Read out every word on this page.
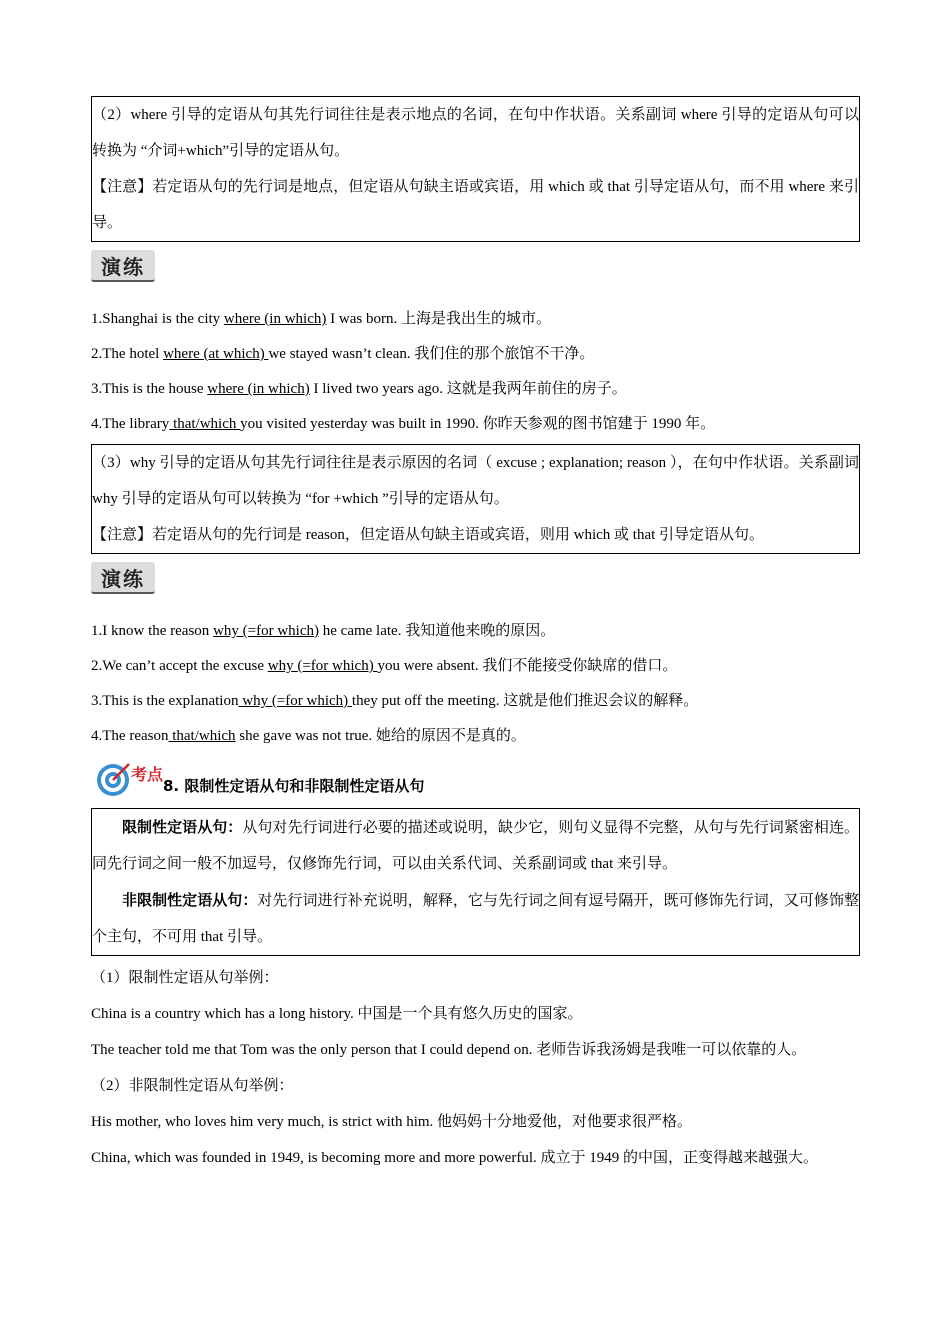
（2）where 引导的定语从句其先行词往往是表示地点的名词，在句中作状语。关系副词 where 引导的定语从句可以转换为 “介词+which”引导的定语从句。

【注意】若定语从句的先行词是地点，但定语从句缺主语或宾语，用 which 或 that 引导定语从句，而不用 where 来引导。

演练

1.Shanghai is the city where (in which) I was born. 上海是我出生的城市。

2.The hotel where (at which) we stayed wasn’t clean. 我们住的那个旅馆不干净。

3.This is the house where (in which) I lived two years ago. 这就是我两年前住的房子。

4.The library that/which you visited yesterday was built in 1990. 你昨天参观的图书馆建于 1990 年。

（3）why 引导的定语从句其先行词往往是表示原因的名词（ excuse ; explanation; reason ），在句中作状语。关系副词 why 引导的定语从句可以转换为 “for +which ”引导的定语从句。

【注意】若定语从句的先行词是 reason，但定语从句缺主语或宾语，则用 which 或 that 引导定语从句。

演练

1.I know the reason why (=for which) he came late. 我知道他来晚的原因。

2.We can’t accept the excuse why (=for which) you were absent. 我们不能接受你缺席的借口。

3.This is the explanation why (=for which) they put off the meeting. 这就是他们推迟会议的解释。

4.The reason that/which she gave was not true. 她给的原因不是真的。

考点
8. 限制性定语从句和非限制性定语从句

限制性定语从句：从句对先行词进行必要的描述或说明，缺少它，则句义显得不完整，从句与先行词紧密相连。同先行词之间一般不加逗号，仅修饰先行词，可以由关系代词、关系副词或 that 来引导。

非限制性定语从句：对先行词进行补充说明，解释，它与先行词之间有逗号隔开，既可修饰先行词，又可修饰整个主句，不可用 that 引导。

（1）限制性定语从句举例：

China is a country which has a long history. 中国是一个具有悠久历史的国家。

The teacher told me that Tom was the only person that I could depend on. 老师告诉我汤姆是我唯一可以依靠的人。

（2）非限制性定语从句举例：

His mother, who loves him very much, is strict with him. 他妈妈十分地爱他，对他要求很严格。

China, which was founded in 1949, is becoming more and more powerful. 成立于 1949 的中国，正变得越来越强大。
